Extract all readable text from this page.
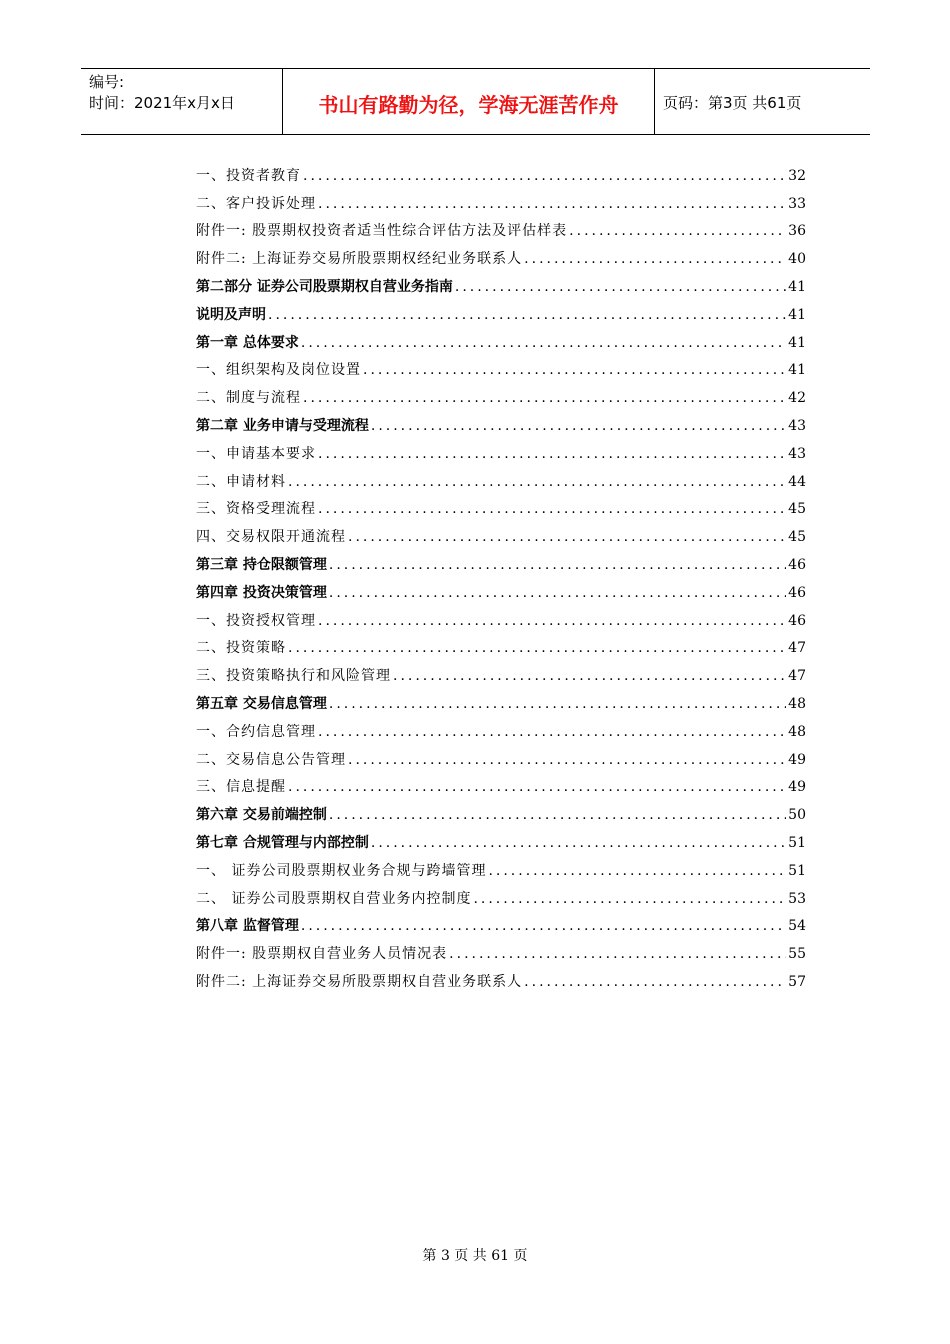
编号:
时间：2021年x月x日	书山有路勤为径，学海无涯苦作舟	页码：第3页 共61页
一、投资者教育 .....	32
二、客户投诉处理 .....	33
附件一: 股票期权投资者适当性综合评估方法及评估样表 .....	36
附件二: 上海证券交易所股票期权经纪业务联系人 .....	40
第二部分 证券公司股票期权自营业务指南 .....	41
说明及声明 .....	41
第一章 总体要求 .....	41
一、组织架构及岗位设置 .....	41
二、制度与流程 .....	42
第二章 业务申请与受理流程 .....	43
一、申请基本要求 .....	43
二、申请材料 .....	44
三、资格受理流程 .....	45
四、交易权限开通流程 .....	45
第三章 持仓限额管理 .....	46
第四章 投资决策管理 .....	46
一、投资授权管理 .....	46
二、投资策略 .....	47
三、投资策略执行和风险管理 .....	47
第五章 交易信息管理 .....	48
一、合约信息管理 .....	48
二、交易信息公告管理 .....	49
三、信息提醒 .....	49
第六章 交易前端控制 .....	50
第七章 合规管理与内部控制 .....	51
一、 证券公司股票期权业务合规与跨墙管理 .....	51
二、 证券公司股票期权自营业务内控制度 .....	53
第八章 监督管理 .....	54
附件一: 股票期权自营业务人员情况表 .....	55
附件二: 上海证券交易所股票期权自营业务联系人 .....	57
第 3 页 共 61 页
